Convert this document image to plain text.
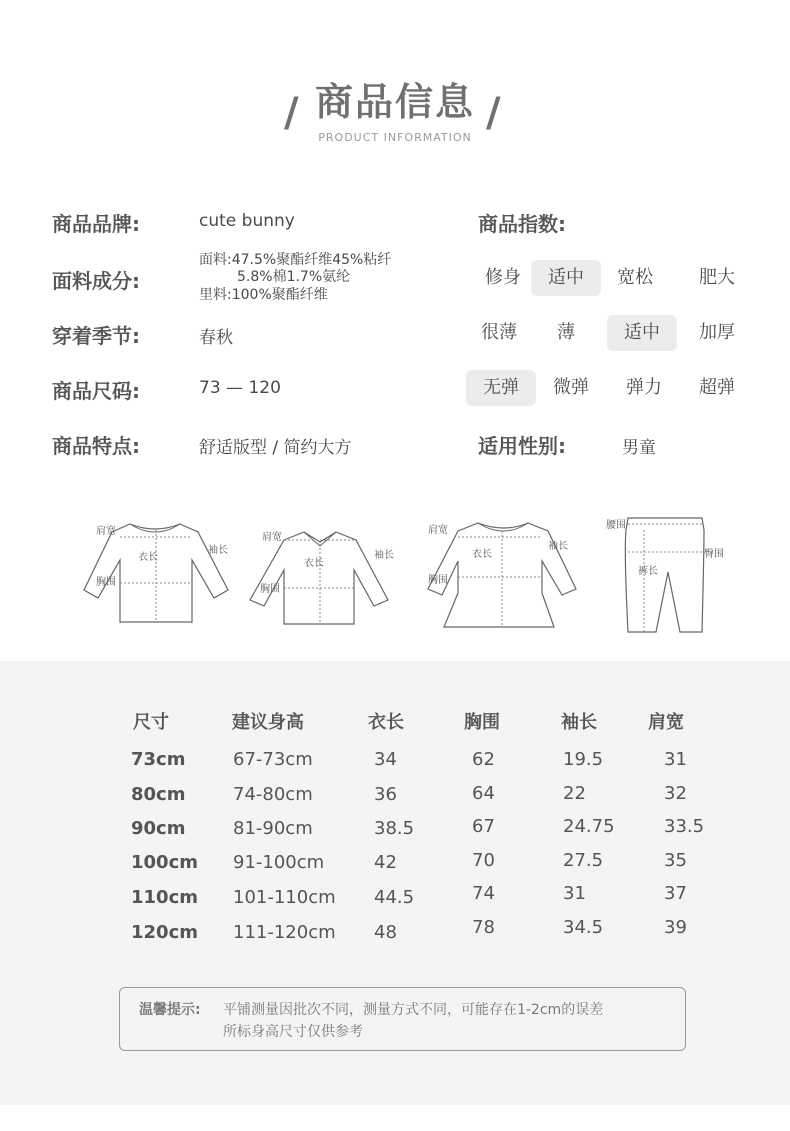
/ 商品信息 /
PRODUCT INFORMATION
商品品牌:	cute bunny
面料成分:
面料:47.5%聚酯纤维45%粘纤
5.8%棉1.7%氨纶
里料:100%聚酯纤维
穿着季节:	春秋
商品尺码:	73 — 120
商品特点:	舒适版型 / 简约大方
商品指数:
修身	适中	宽松	肥大
很薄	薄	适中	加厚
无弹	微弹	弹力	超弹
适用性别:	男童
肩宽
衣长
袖长
胸围
肩宽
衣长
袖长
胸围
肩宽
衣长
袖长
胸围
腰围
臀围
裤长
尺寸	建议身高	衣长	胸围	袖长	肩宽
73cm	67-73cm	34	62	19.5	31
80cm	74-80cm	36	64	22	32
90cm	81-90cm	38.5	67	24.75	33.5
100cm 91-100cm	42	70	27.5	35
110cm 101-110cm 44.5	74	31	37
120cm 111-120cm 48	78	34.5	39
温馨提示: 平铺测量因批次不同，测量方式不同，可能存在1-2cm的误差
所标身高尺寸仅供参考
